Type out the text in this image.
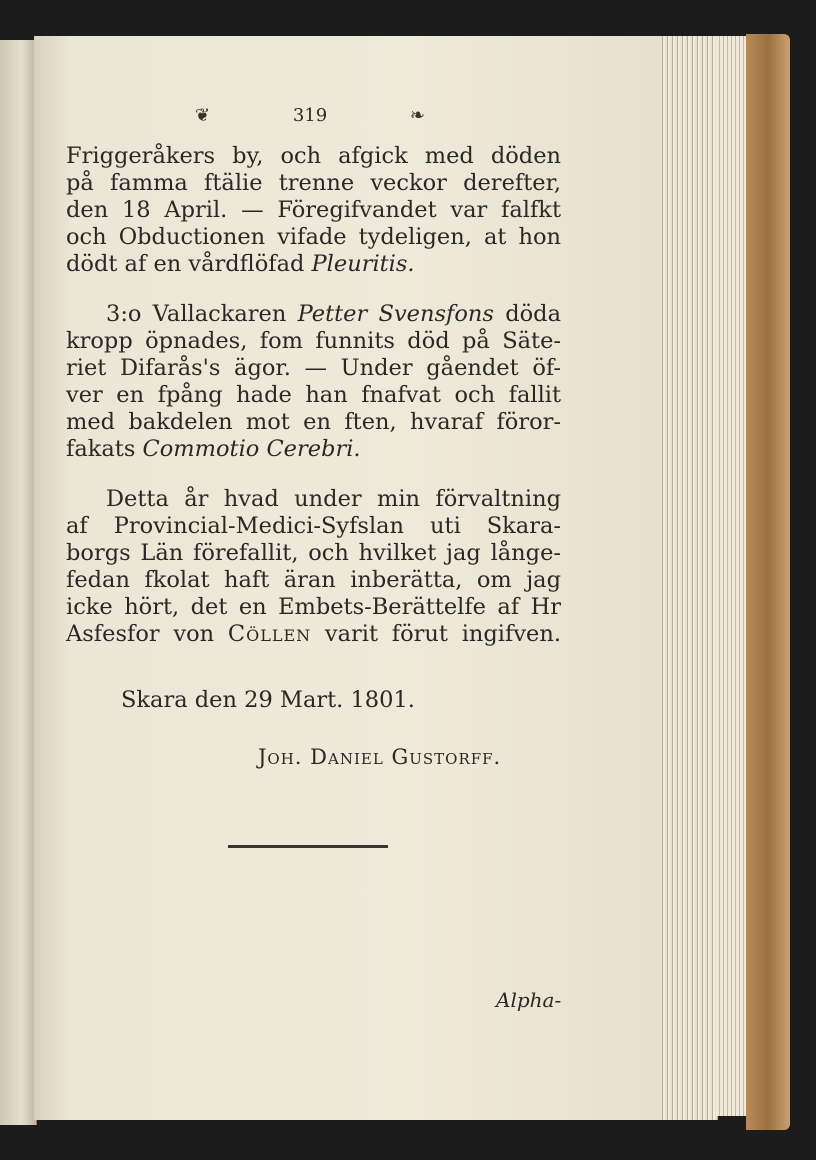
❦	319	❧

Friggeråkers by, och afgick med döden
på famma ftälie trenne veckor derefter,
den 18 April. — Föregifvandet var falfkt
och Obductionen vifade tydeligen, at hon
dödt af en vårdflöfad Pleuritis.

3:o Vallackaren Petter Svensfons döda
kropp öpnades, fom funnits död på Säte-
riet Difarås's ägor. — Under gåendet öf-
ver en fpång hade han fnafvat och fallit
med bakdelen mot en ften, hvaraf föror-
fakats Commotio Cerebri.

Detta år hvad under min förvaltning
af Provincial-Medici-Syfslan uti Skara-
borgs Län förefallit, och hvilket jag långe-
fedan fkolat haft äran inberätta, om jag
icke hört, det en Embets-Berättelfe af Hr
Asfesfor von Cöllen varit förut ingifven.

Skara den 29 Mart. 1801.
Joh. Daniel Gustorff.
Alpha-
